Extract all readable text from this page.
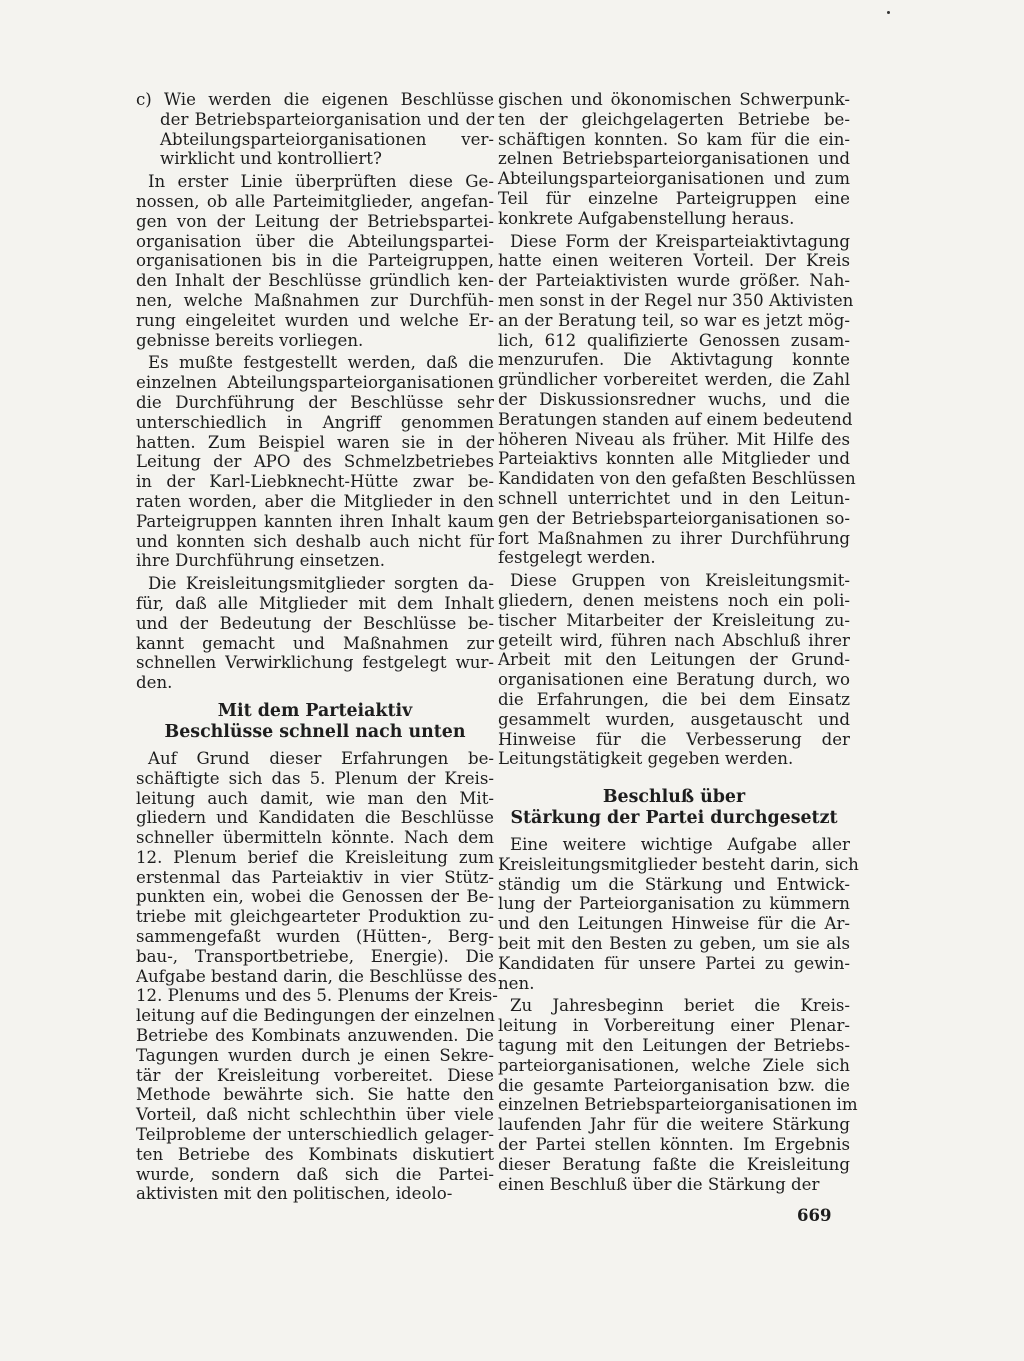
c) Wie werden die eigenen Beschlüsse
der Betriebsparteiorganisation und der
Abteilungsparteiorganisationen ver-
wirklicht und kontrolliert?
In erster Linie überprüften diese Ge-
nossen, ob alle Parteimitglieder, angefan-
gen von der Leitung der Betriebspartei-
organisation über die Abteilungspartei-
organisationen bis in die Parteigruppen,
den Inhalt der Beschlüsse gründlich ken-
nen, welche Maßnahmen zur Durchfüh-
rung eingeleitet wurden und welche Er-
gebnisse bereits vorliegen.
Es mußte festgestellt werden, daß die
einzelnen Abteilungsparteiorganisationen
die Durchführung der Beschlüsse sehr
unterschiedlich in Angriff genommen
hatten. Zum Beispiel waren sie in der
Leitung der APO des Schmelzbetriebes
in der Karl-Liebknecht-Hütte zwar be-
raten worden, aber die Mitglieder in den
Parteigruppen kannten ihren Inhalt kaum
und konnten sich deshalb auch nicht für
ihre Durchführung einsetzen.
Die Kreisleitungsmitglieder sorgten da-
für, daß alle Mitglieder mit dem Inhalt
und der Bedeutung der Beschlüsse be-
kannt gemacht und Maßnahmen zur
schnellen Verwirklichung festgelegt wur-
den.
Mit dem Parteiaktiv
Beschlüsse schnell nach unten
Auf Grund dieser Erfahrungen be-
schäftigte sich das 5. Plenum der Kreis-
leitung auch damit, wie man den Mit-
gliedern und Kandidaten die Beschlüsse
schneller übermitteln könnte. Nach dem
12. Plenum berief die Kreisleitung zum
erstenmal das Parteiaktiv in vier Stütz-
punkten ein, wobei die Genossen der Be-
triebe mit gleichgearteter Produktion zu-
sammengefaßt wurden (Hütten-, Berg-
bau-, Transportbetriebe, Energie). Die
Aufgabe bestand darin, die Beschlüsse des
12. Plenums und des 5. Plenums der Kreis-
leitung auf die Bedingungen der einzelnen
Betriebe des Kombinats anzuwenden. Die
Tagungen wurden durch je einen Sekre-
tär der Kreisleitung vorbereitet. Diese
Methode bewährte sich. Sie hatte den
Vorteil, daß nicht schlechthin über viele
Teilprobleme der unterschiedlich gelager-
ten Betriebe des Kombinats diskutiert
wurde, sondern daß sich die Partei-
aktivisten mit den politischen, ideolo-
gischen und ökonomischen Schwerpunk-
ten der gleichgelagerten Betriebe be-
schäftigen konnten. So kam für die ein-
zelnen Betriebsparteiorganisationen und
Abteilungsparteiorganisationen und zum
Teil für einzelne Parteigruppen eine
konkrete Aufgabenstellung heraus.
Diese Form der Kreisparteiaktivtagung
hatte einen weiteren Vorteil. Der Kreis
der Parteiaktivisten wurde größer. Nah-
men sonst in der Regel nur 350 Aktivisten
an der Beratung teil, so war es jetzt mög-
lich, 612 qualifizierte Genossen zusam-
menzurufen. Die Aktivtagung konnte
gründlicher vorbereitet werden, die Zahl
der Diskussionsredner wuchs, und die
Beratungen standen auf einem bedeutend
höheren Niveau als früher. Mit Hilfe des
Parteiaktivs konnten alle Mitglieder und
Kandidaten von den gefaßten Beschlüssen
schnell unterrichtet und in den Leitun-
gen der Betriebsparteiorganisationen so-
fort Maßnahmen zu ihrer Durchführung
festgelegt werden.
Diese Gruppen von Kreisleitungsmit-
gliedern, denen meistens noch ein poli-
tischer Mitarbeiter der Kreisleitung zu-
geteilt wird, führen nach Abschluß ihrer
Arbeit mit den Leitungen der Grund-
organisationen eine Beratung durch, wo
die Erfahrungen, die bei dem Einsatz
gesammelt wurden, ausgetauscht und
Hinweise für die Verbesserung der
Leitungstätigkeit gegeben werden.
Beschluß über
Stärkung der Partei durchgesetzt
Eine weitere wichtige Aufgabe aller
Kreisleitungsmitglieder besteht darin, sich
ständig um die Stärkung und Entwick-
lung der Parteiorganisation zu kümmern
und den Leitungen Hinweise für die Ar-
beit mit den Besten zu geben, um sie als
Kandidaten für unsere Partei zu gewin-
nen.
Zu Jahresbeginn beriet die Kreis-
leitung in Vorbereitung einer Plenar-
tagung mit den Leitungen der Betriebs-
parteiorganisationen, welche Ziele sich
die gesamte Parteiorganisation bzw. die
einzelnen Betriebsparteiorganisationen im
laufenden Jahr für die weitere Stärkung
der Partei stellen könnten. Im Ergebnis
dieser Beratung faßte die Kreisleitung
einen Beschluß über die Stärkung der
669
